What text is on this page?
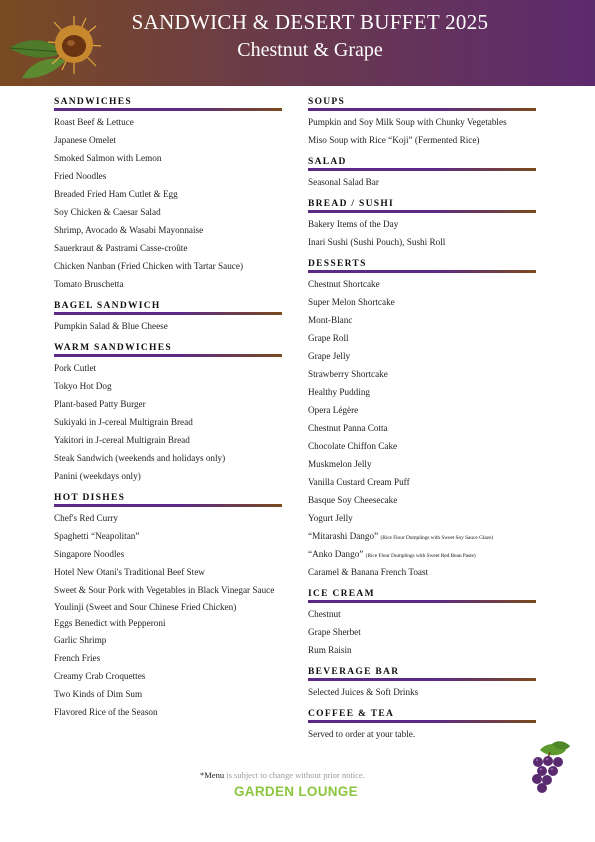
SANDWICH & DESERT BUFFET 2025
Chestnut & Grape
SANDWICHES
Roast Beef & Lettuce
Japanese Omelet
Smoked Salmon with Lemon
Fried Noodles
Breaded Fried Ham Cutlet & Egg
Soy Chicken & Caesar Salad
Shrimp, Avocado & Wasabi Mayonnaise
Sauerkraut & Pastrami Casse-croûte
Chicken Nanban (Fried Chicken with Tartar Sauce)
Tomato Bruschetta
BAGEL SANDWICH
Pumpkin Salad & Blue Cheese
WARM SANDWICHES
Pork Cutlet
Tokyo Hot Dog
Plant-based Patty Burger
Sukiyaki in J-cereal Multigrain Bread
Yakitori in J-cereal Multigrain Bread
Steak Sandwich (weekends and holidays only)
Panini (weekdays only)
HOT DISHES
Chef's Red Curry
Spaghetti “Neapolitan”
Singapore Noodles
Hotel New Otani's Traditional Beef Stew
Sweet & Sour Pork with Vegetables in Black Vinegar Sauce
Youlinji (Sweet and Sour Chinese Fried Chicken)
Eggs Benedict with Pepperoni
Garlic Shrimp
French Fries
Creamy Crab Croquettes
Two Kinds of Dim Sum
Flavored Rice of the Season
SOUPS
Pumpkin and Soy Milk Soup with Chunky Vegetables
Miso Soup with Rice “Koji” (Fermented Rice)
SALAD
Seasonal Salad Bar
BREAD / SUSHI
Bakery Items of the Day
Inari Sushi (Sushi Pouch), Sushi Roll
DESSERTS
Chestnut Shortcake
Super Melon Shortcake
Mont-Blanc
Grape Roll
Grape Jelly
Strawberry Shortcake
Healthy Pudding
Opera Légère
Chestnut Panna Cotta
Chocolate Chiffon Cake
Muskmelon Jelly
Vanilla Custard Cream Puff
Basque Soy Cheesecake
Yogurt Jelly
“Mitarashi Dango” (Rice Flour Dumplings with Sweet Soy Sauce Glaze)
“Anko Dango” (Rice Flour Dumplings with Sweet Red Bean Paste)
Caramel & Banana French Toast
ICE CREAM
Chestnut
Grape Sherbet
Rum Raisin
BEVERAGE BAR
Selected Juices & Soft Drinks
COFFEE & TEA
Served to order at your table.
*Menu is subject to change without prior notice.
GARDEN LOUNGE
